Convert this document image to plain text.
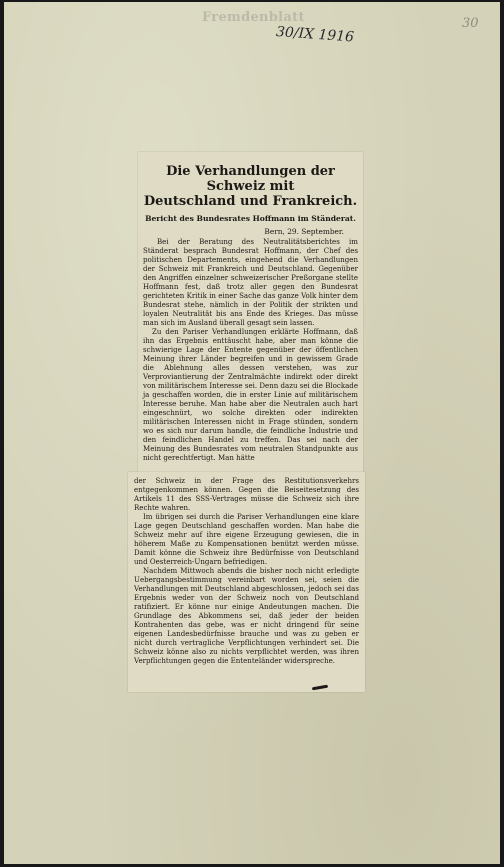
Fremdenblatt
30/IX 1916
30
Die Verhandlungen der Schweiz mit
Deutschland und Frankreich.
Bericht des Bundesrates Hoffmann im Ständerat.
Bern, 29. September.

Bei der Beratung des Neutralitätsberichtes im Ständerat besprach Bundesrat Hoffmann, der Chef des politischen Departements, eingehend die Verhandlungen der Schweiz mit Frankreich und Deutschland. Gegenüber den Angriffen einzelner schweizerischer Preßorgane stellte Hoffmann fest, daß trotz aller gegen den Bundesrat gerichteten Kritik in einer Sache das ganze Volk hinter dem Bundesrat stehe, nämlich in der Politik der strikten und loyalen Neutralität bis ans Ende des Krieges. Das müsse man sich im Ausland überall gesagt sein lassen.

Zu den Pariser Verhandlungen erklärte Hoffmann, daß ihn das Ergebnis enttäuscht habe, aber man könne die schwierige Lage der Entente gegenüber der öffentlichen Meinung ihrer Länder begreifen und in gewissem Grade die Ablehnung alles dessen verstehen, was zur Verproviantierung der Zentralmächte indirekt oder direkt von militärischem Interesse sei. Denn dazu sei die Blockade ja geschaffen worden, die in erster Linie auf militärischem Interesse beruhe. Man habe aber die Neutralen auch hart eingeschnürt, wo solche direkten oder indirekten militärischen Interessen nicht in Frage stünden, sondern wo es sich nur darum handle, die feindliche Industrie und den feindlichen Handel zu treffen. Das sei nach der Meinung des Bundesrates vom neutralen Standpunkte aus nicht gerechtfertigt. Man hätte

der Schweiz in der Frage des Restitutionsverkehrs entgegenkommen können. Gegen die Beiseitesetzung des Artikels 11 des SSS-Vertrages müsse die Schweiz sich ihre Rechte wahren.

Im übrigen sei durch die Pariser Verhandlungen eine klare Lage gegen Deutschland geschaffen worden. Man habe die Schweiz mehr auf ihre eigene Erzeugung gewiesen, die in höherem Maße zu Kompensationen benützt werden müsse. Damit könne die Schweiz ihre Bedürfnisse von Deutschland und Oesterreich-Ungarn befriedigen.

Nachdem Mittwoch abends die bisher noch nicht erledigte Uebergangsbestimmung vereinbart worden sei, seien die Verhandlungen mit Deutschland abgeschlossen, jedoch sei das Ergebnis weder von der Schweiz noch von Deutschland ratifiziert. Er könne nur einige Andeutungen machen. Die Grundlage des Abkommens sei, daß jeder der beiden Kontrahenten das gebe, was er nicht dringend für seine eigenen Landesbedürfnisse brauche und was zu geben er nicht durch vertragliche Verpflichtungen verhindert sei. Die Schweiz könne also zu nichts verpflichtet werden, was ihren Verpflichtungen gegen die Ententeländer widerspreche.
